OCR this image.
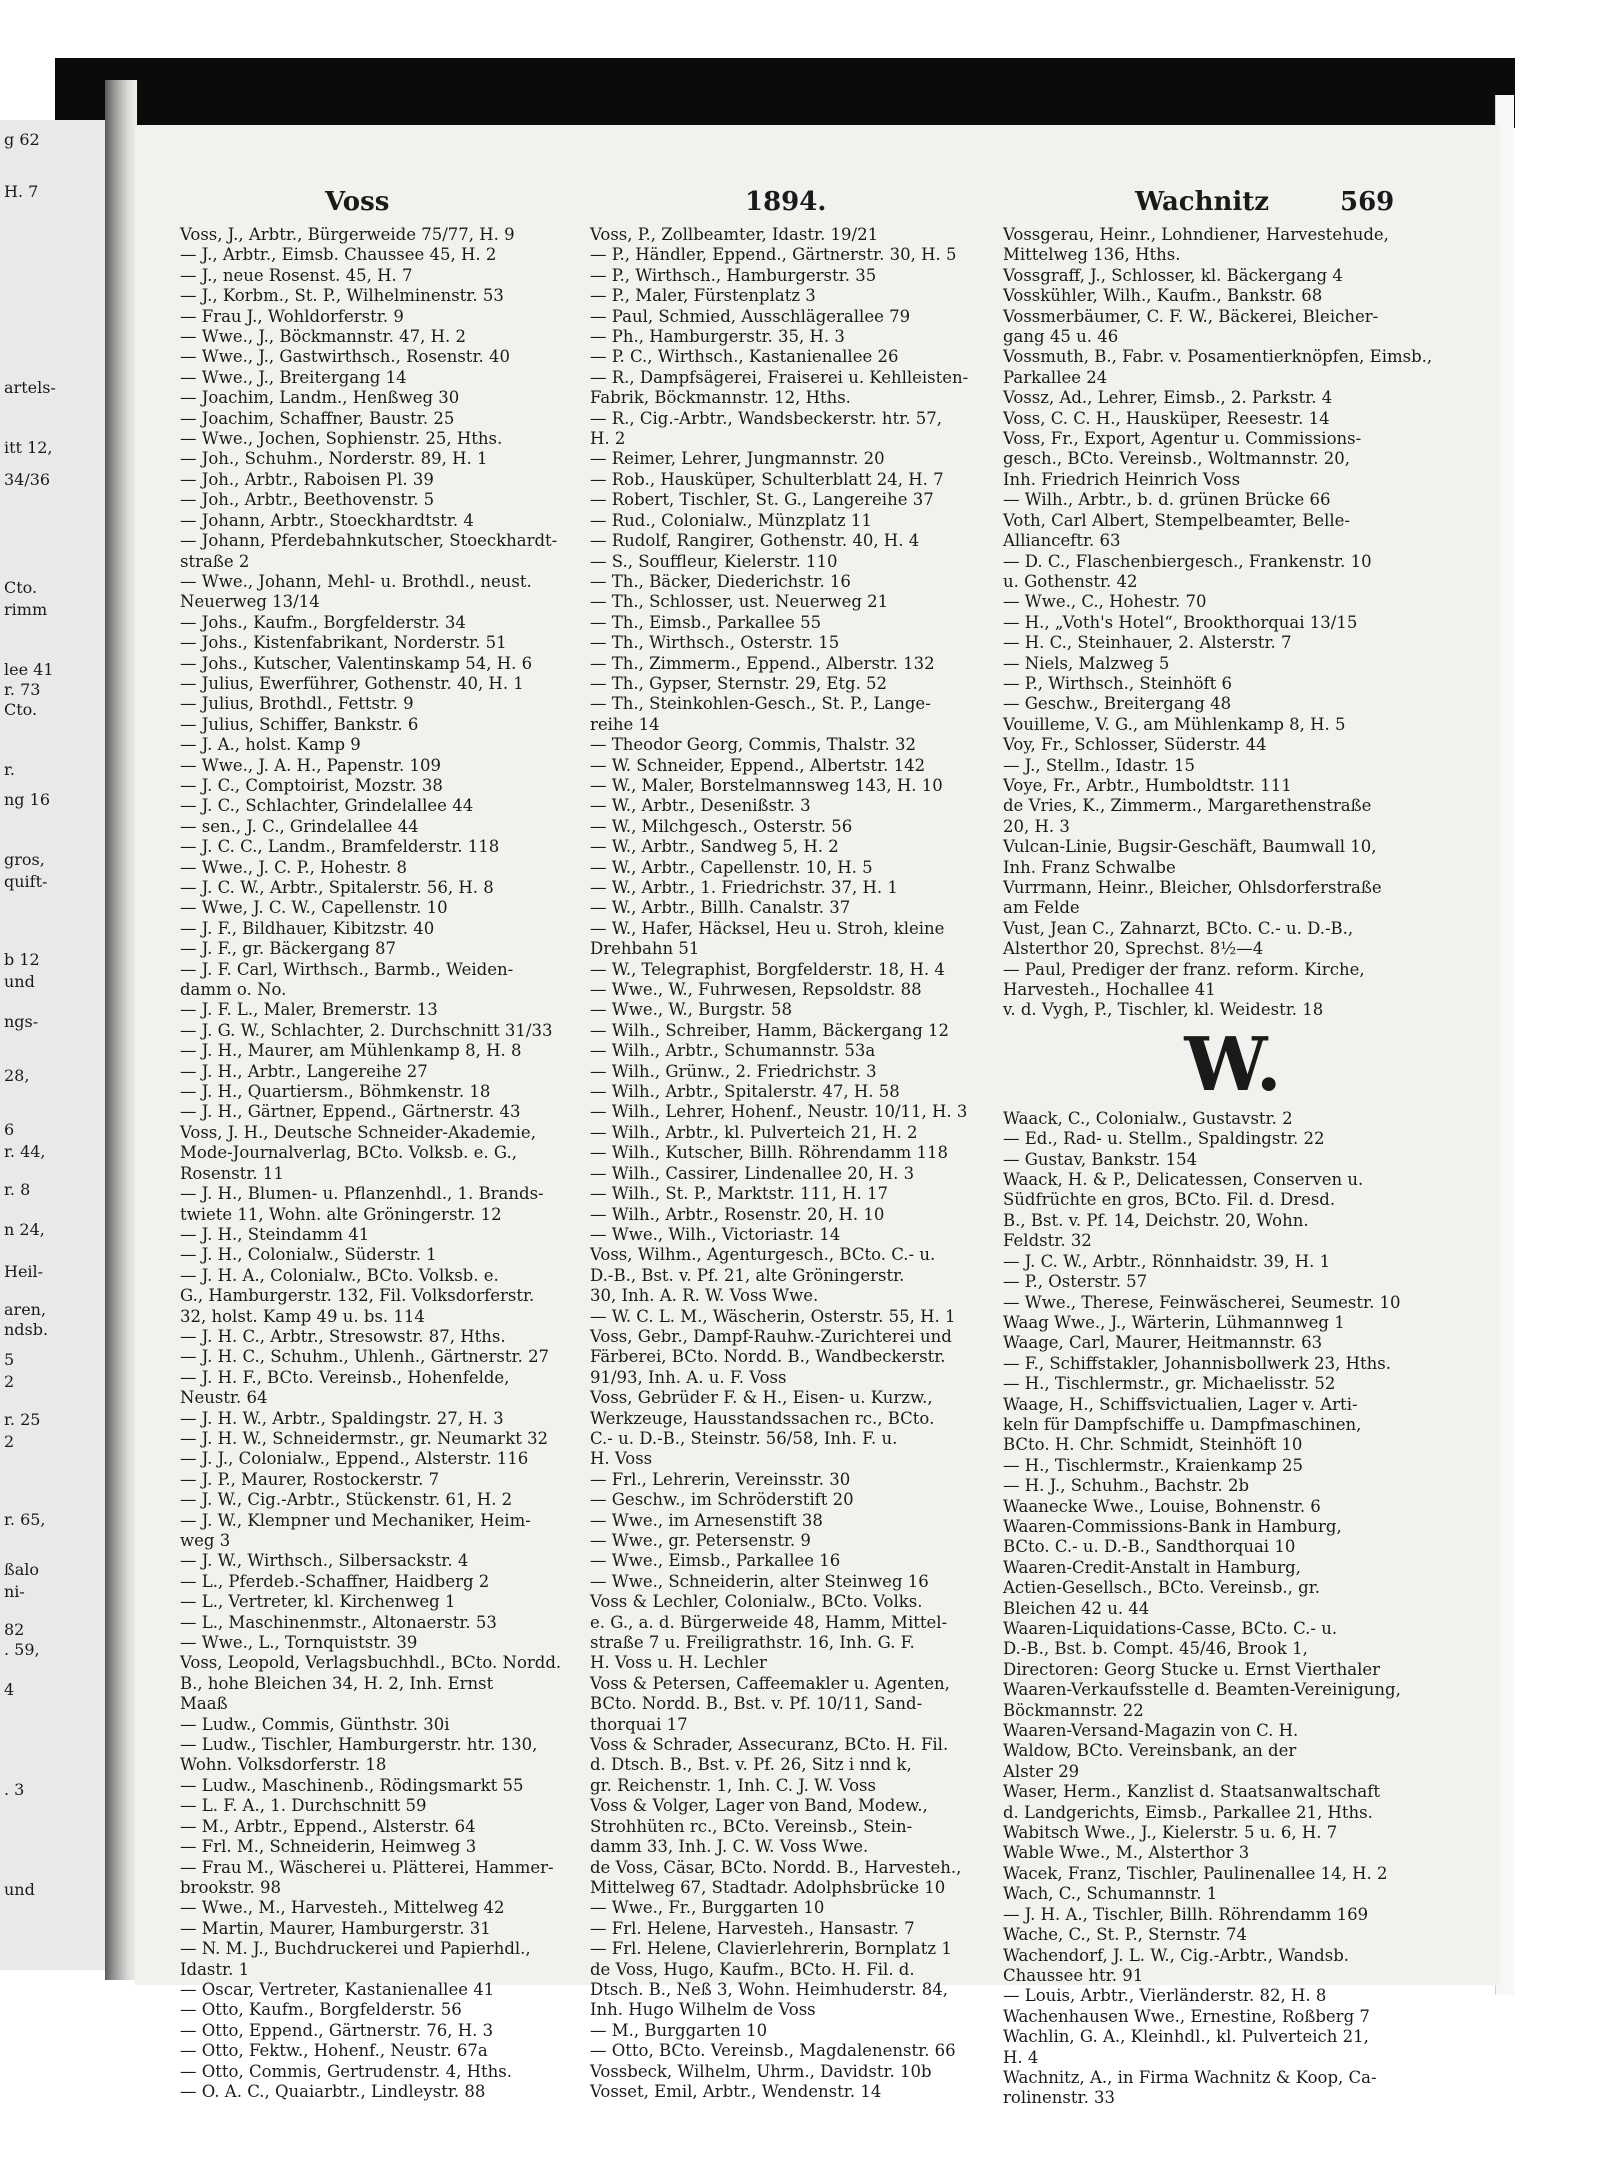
g 62
H. 7
artels-
itt 12,
34/36
Cto.
rimm
lee 41
r. 73
Cto.
r.
ng 16
gros,
quift-
b 12
und
ngs-
28,
6
r. 44,
r. 8
n 24,
Heil-
aren,
ndsb.
5
2
r. 25
2
r. 65,
ßalo
ni-
82
. 59,
4
. 3
und
Voss	1894.	Wachnitz	569

Voss, J., Arbtr., Bürgerweide 75/77, H. 9

— J., Arbtr., Eimsb. Chaussee 45, H. 2

— J., neue Rosenst. 45, H. 7

— J., Korbm., St. P., Wilhelminenstr. 53

— Frau J., Wohldorferstr. 9

— Wwe., J., Böckmannstr. 47, H. 2

— Wwe., J., Gastwirthsch., Rosenstr. 40

— Wwe., J., Breitergang 14

— Joachim, Landm., Henßweg 30

— Joachim, Schaffner, Baustr. 25

— Wwe., Jochen, Sophienstr. 25, Hths.

— Joh., Schuhm., Norderstr. 89, H. 1

— Joh., Arbtr., Raboisen Pl. 39

— Joh., Arbtr., Beethovenstr. 5

— Johann, Arbtr., Stoeckhardtstr. 4

— Johann, Pferdebahnkutscher, Stoeckhardt-

straße 2

— Wwe., Johann, Mehl- u. Brothdl., neust.

Neuerweg 13/14

— Johs., Kaufm., Borgfelderstr. 34

— Johs., Kistenfabrikant, Norderstr. 51

— Johs., Kutscher, Valentinskamp 54, H. 6

— Julius, Ewerführer, Gothenstr. 40, H. 1

— Julius, Brothdl., Fettstr. 9

— Julius, Schiffer, Bankstr. 6

— J. A., holst. Kamp 9

— Wwe., J. A. H., Papenstr. 109

— J. C., Comptoirist, Mozstr. 38

— J. C., Schlachter, Grindelallee 44

— sen., J. C., Grindelallee 44

— J. C. C., Landm., Bramfelderstr. 118

— Wwe., J. C. P., Hohestr. 8

— J. C. W., Arbtr., Spitalerstr. 56, H. 8

— Wwe, J. C. W., Capellenstr. 10

— J. F., Bildhauer, Kibitzstr. 40

— J. F., gr. Bäckergang 87

— J. F. Carl, Wirthsch., Barmb., Weiden-

damm o. No.

— J. F. L., Maler, Bremerstr. 13

— J. G. W., Schlachter, 2. Durchschnitt 31/33

— J. H., Maurer, am Mühlenkamp 8, H. 8

— J. H., Arbtr., Langereihe 27

— J. H., Quartiersm., Böhmkenstr. 18

— J. H., Gärtner, Eppend., Gärtnerstr. 43

Voss, J. H., Deutsche Schneider-Akademie,

Mode-Journalverlag, BCto. Volksb. e. G.,

Rosenstr. 11

— J. H., Blumen- u. Pflanzenhdl., 1. Brands-

twiete 11, Wohn. alte Gröningerstr. 12

— J. H., Steindamm 41

— J. H., Colonialw., Süderstr. 1

— J. H. A., Colonialw., BCto. Volksb. e.

G., Hamburgerstr. 132, Fil. Volksdorferstr.

32, holst. Kamp 49 u. bs. 114

— J. H. C., Arbtr., Stresowstr. 87, Hths.

— J. H. C., Schuhm., Uhlenh., Gärtnerstr. 27

— J. H. F., BCto. Vereinsb., Hohenfelde,

Neustr. 64

— J. H. W., Arbtr., Spaldingstr. 27, H. 3

— J. H. W., Schneidermstr., gr. Neumarkt 32

— J. J., Colonialw., Eppend., Alsterstr. 116

— J. P., Maurer, Rostockerstr. 7

— J. W., Cig.-Arbtr., Stückenstr. 61, H. 2

— J. W., Klempner und Mechaniker, Heim-

weg 3

— J. W., Wirthsch., Silbersackstr. 4

— L., Pferdeb.-Schaffner, Haidberg 2

— L., Vertreter, kl. Kirchenweg 1

— L., Maschinenmstr., Altonaerstr. 53

— Wwe., L., Tornquiststr. 39

Voss, Leopold, Verlagsbuchhdl., BCto. Nordd.

B., hohe Bleichen 34, H. 2, Inh. Ernst

Maaß

— Ludw., Commis, Günthstr. 30i

— Ludw., Tischler, Hamburgerstr. htr. 130,

Wohn. Volksdorferstr. 18

— Ludw., Maschinenb., Rödingsmarkt 55

— L. F. A., 1. Durchschnitt 59

— M., Arbtr., Eppend., Alsterstr. 64

— Frl. M., Schneiderin, Heimweg 3

— Frau M., Wäscherei u. Plätterei, Hammer-

brookstr. 98

— Wwe., M., Harvesteh., Mittelweg 42

— Martin, Maurer, Hamburgerstr. 31

— N. M. J., Buchdruckerei und Papierhdl.,

Idastr. 1

— Oscar, Vertreter, Kastanienallee 41

— Otto, Kaufm., Borgfelderstr. 56

— Otto, Eppend., Gärtnerstr. 76, H. 3

— Otto, Fektw., Hohenf., Neustr. 67a

— Otto, Commis, Gertrudenstr. 4, Hths.

— O. A. C., Quaiarbtr., Lindleystr. 88

Voss, P., Zollbeamter, Idastr. 19/21

— P., Händler, Eppend., Gärtnerstr. 30, H. 5

— P., Wirthsch., Hamburgerstr. 35

— P., Maler, Fürstenplatz 3

— Paul, Schmied, Ausschlägerallee 79

— Ph., Hamburgerstr. 35, H. 3

— P. C., Wirthsch., Kastanienallee 26

— R., Dampfsägerei, Fraiserei u. Kehlleisten-

Fabrik, Böckmannstr. 12, Hths.

— R., Cig.-Arbtr., Wandsbeckerstr. htr. 57,

H. 2

— Reimer, Lehrer, Jungmannstr. 20

— Rob., Hausküper, Schulterblatt 24, H. 7

— Robert, Tischler, St. G., Langereihe 37

— Rud., Colonialw., Münzplatz 11

— Rudolf, Rangirer, Gothenstr. 40, H. 4

— S., Souffleur, Kielerstr. 110

— Th., Bäcker, Diederichstr. 16

— Th., Schlosser, ust. Neuerweg 21

— Th., Eimsb., Parkallee 55

— Th., Wirthsch., Osterstr. 15

— Th., Zimmerm., Eppend., Alberstr. 132

— Th., Gypser, Sternstr. 29, Etg. 52

— Th., Steinkohlen-Gesch., St. P., Lange-

reihe 14

— Theodor Georg, Commis, Thalstr. 32

— W. Schneider, Eppend., Albertstr. 142

— W., Maler, Borstelmannsweg 143, H. 10

— W., Arbtr., Desenißstr. 3

— W., Milchgesch., Osterstr. 56

— W., Arbtr., Sandweg 5, H. 2

— W., Arbtr., Capellenstr. 10, H. 5

— W., Arbtr., 1. Friedrichstr. 37, H. 1

— W., Arbtr., Billh. Canalstr. 37

— W., Hafer, Häcksel, Heu u. Stroh, kleine

Drehbahn 51

— W., Telegraphist, Borgfelderstr. 18, H. 4

— Wwe., W., Fuhrwesen, Repsoldstr. 88

— Wwe., W., Burgstr. 58

— Wilh., Schreiber, Hamm, Bäckergang 12

— Wilh., Arbtr., Schumannstr. 53a

— Wilh., Grünw., 2. Friedrichstr. 3

— Wilh., Arbtr., Spitalerstr. 47, H. 58

— Wilh., Lehrer, Hohenf., Neustr. 10/11, H. 3

— Wilh., Arbtr., kl. Pulverteich 21, H. 2

— Wilh., Kutscher, Billh. Röhrendamm 118

— Wilh., Cassirer, Lindenallee 20, H. 3

— Wilh., St. P., Marktstr. 111, H. 17

— Wilh., Arbtr., Rosenstr. 20, H. 10

— Wwe., Wilh., Victoriastr. 14

Voss, Wilhm., Agenturgesch., BCto. C.- u.

D.-B., Bst. v. Pf. 21, alte Gröningerstr.

30, Inh. A. R. W. Voss Wwe.

— W. C. L. M., Wäscherin, Osterstr. 55, H. 1

Voss, Gebr., Dampf-Rauhw.-Zurichterei und

Färberei, BCto. Nordd. B., Wandbeckerstr.

91/93, Inh. A. u. F. Voss

Voss, Gebrüder F. & H., Eisen- u. Kurzw.,

Werkzeuge, Hausstandssachen rc., BCto.

C.- u. D.-B., Steinstr. 56/58, Inh. F. u.

H. Voss

— Frl., Lehrerin, Vereinsstr. 30

— Geschw., im Schröderstift 20

— Wwe., im Arnesenstift 38

— Wwe., gr. Petersenstr. 9

— Wwe., Eimsb., Parkallee 16

— Wwe., Schneiderin, alter Steinweg 16

Voss & Lechler, Colonialw., BCto. Volks.

e. G., a. d. Bürgerweide 48, Hamm, Mittel-

straße 7 u. Freiligrathstr. 16, Inh. G. F.

H. Voss u. H. Lechler

Voss & Petersen, Caffeemakler u. Agenten,

BCto. Nordd. B., Bst. v. Pf. 10/11, Sand-

thorquai 17

Voss & Schrader, Assecuranz, BCto. H. Fil.

d. Dtsch. B., Bst. v. Pf. 26, Sitz i nnd k,

gr. Reichenstr. 1, Inh. C. J. W. Voss

Voss & Volger, Lager von Band, Modew.,

Strohhüten rc., BCto. Vereinsb., Stein-

damm 33, Inh. J. C. W. Voss Wwe.

de Voss, Cäsar, BCto. Nordd. B., Harvesteh.,

Mittelweg 67, Stadtadr. Adolphsbrücke 10

— Wwe., Fr., Burggarten 10

— Frl. Helene, Harvesteh., Hansastr. 7

— Frl. Helene, Clavierlehrerin, Bornplatz 1

de Voss, Hugo, Kaufm., BCto. H. Fil. d.

Dtsch. B., Neß 3, Wohn. Heimhuderstr. 84,

Inh. Hugo Wilhelm de Voss

— M., Burggarten 10

— Otto, BCto. Vereinsb., Magdalenenstr. 66

Vossbeck, Wilhelm, Uhrm., Davidstr. 10b

Vosset, Emil, Arbtr., Wendenstr. 14

Vossgerau, Heinr., Lohndiener, Harvestehude,

Mittelweg 136, Hths.

Vossgraff, J., Schlosser, kl. Bäckergang 4

Vosskühler, Wilh., Kaufm., Bankstr. 68

Vossmerbäumer, C. F. W., Bäckerei, Bleicher-

gang 45 u. 46

Vossmuth, B., Fabr. v. Posamentierknöpfen, Eimsb.,

Parkallee 24

Vossz, Ad., Lehrer, Eimsb., 2. Parkstr. 4

Voss, C. C. H., Hausküper, Reesestr. 14

Voss, Fr., Export, Agentur u. Commissions-

gesch., BCto. Vereinsb., Woltmannstr. 20,

Inh. Friedrich Heinrich Voss

— Wilh., Arbtr., b. d. grünen Brücke 66

Voth, Carl Albert, Stempelbeamter, Belle-

Allianceftr. 63

— D. C., Flaschenbiergesch., Frankenstr. 10

u. Gothenstr. 42

— Wwe., C., Hohestr. 70

— H., „Voth's Hotel“, Brookthorquai 13/15

— H. C., Steinhauer, 2. Alsterstr. 7

— Niels, Malzweg 5

— P., Wirthsch., Steinhöft 6

— Geschw., Breitergang 48

Vouilleme, V. G., am Mühlenkamp 8, H. 5

Voy, Fr., Schlosser, Süderstr. 44

— J., Stellm., Idastr. 15

Voye, Fr., Arbtr., Humboldtstr. 111

de Vries, K., Zimmerm., Margarethenstraße

20, H. 3

Vulcan-Linie, Bugsir-Geschäft, Baumwall 10,

Inh. Franz Schwalbe

Vurrmann, Heinr., Bleicher, Ohlsdorferstraße

am Felde

Vust, Jean C., Zahnarzt, BCto. C.- u. D.-B.,

Alsterthor 20, Sprechst. 8½—4

— Paul, Prediger der franz. reform. Kirche,

Harvesteh., Hochallee 41

v. d. Vygh, P., Tischler, kl. Weidestr. 18

W.

Waack, C., Colonialw., Gustavstr. 2

— Ed., Rad- u. Stellm., Spaldingstr. 22

— Gustav, Bankstr. 154

Waack, H. & P., Delicatessen, Conserven u.

Südfrüchte en gros, BCto. Fil. d. Dresd.

B., Bst. v. Pf. 14, Deichstr. 20, Wohn.

Feldstr. 32

— J. C. W., Arbtr., Rönnhaidstr. 39, H. 1

— P., Osterstr. 57

— Wwe., Therese, Feinwäscherei, Seumestr. 10

Waag Wwe., J., Wärterin, Lühmannweg 1

Waage, Carl, Maurer, Heitmannstr. 63

— F., Schiffstakler, Johannisbollwerk 23, Hths.

— H., Tischlermstr., gr. Michaelisstr. 52

Waage, H., Schiffsvictualien, Lager v. Arti-

keln für Dampfschiffe u. Dampfmaschinen,

BCto. H. Chr. Schmidt, Steinhöft 10

— H., Tischlermstr., Kraienkamp 25

— H. J., Schuhm., Bachstr. 2b

Waanecke Wwe., Louise, Bohnenstr. 6

Waaren-Commissions-Bank in Hamburg,

BCto. C.- u. D.-B., Sandthorquai 10

Waaren-Credit-Anstalt in Hamburg,

Actien-Gesellsch., BCto. Vereinsb., gr.

Bleichen 42 u. 44

Waaren-Liquidations-Casse, BCto. C.- u.

D.-B., Bst. b. Compt. 45/46, Brook 1,

Directoren: Georg Stucke u. Ernst Vierthaler

Waaren-Verkaufsstelle d. Beamten-Vereinigung,

Böckmannstr. 22

Waaren-Versand-Magazin von C. H.

Waldow, BCto. Vereinsbank, an der

Alster 29

Waser, Herm., Kanzlist d. Staatsanwaltschaft

d. Landgerichts, Eimsb., Parkallee 21, Hths.

Wabitsch Wwe., J., Kielerstr. 5 u. 6, H. 7

Wable Wwe., M., Alsterthor 3

Wacek, Franz, Tischler, Paulinenallee 14, H. 2

Wach, C., Schumannstr. 1

— J. H. A., Tischler, Billh. Röhrendamm 169

Wache, C., St. P., Sternstr. 74

Wachendorf, J. L. W., Cig.-Arbtr., Wandsb.

Chaussee htr. 91

— Louis, Arbtr., Vierländerstr. 82, H. 8

Wachenhausen Wwe., Ernestine, Roßberg 7

Wachlin, G. A., Kleinhdl., kl. Pulverteich 21,

H. 4

Wachnitz, A., in Firma Wachnitz & Koop, Ca-

rolinenstr. 33
